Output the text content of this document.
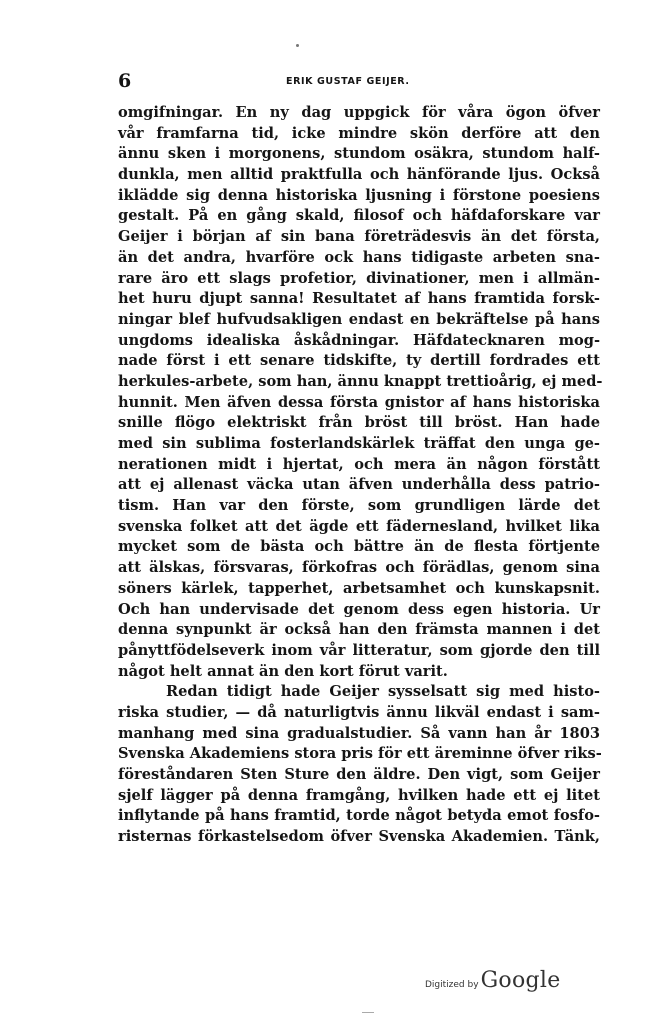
6	ERIK GUSTAF GEIJER.
omgifningar. En ny dag uppgick för våra ögon öfver
vår framfarna tid, icke mindre skön derföre att den
ännu sken i morgonens, stundom osäkra, stundom half-
dunkla, men alltid praktfulla och hänförande ljus. Också
iklädde sig denna historiska ljusning i förstone poesiens
gestalt. På en gång skald, filosof och häfdaforskare var
Geijer i början af sin bana företrädesvis än det första,
än det andra, hvarföre ock hans tidigaste arbeten sna-
rare äro ett slags profetior, divinationer, men i allmän-
het huru djupt sanna! Resultatet af hans framtida forsk-
ningar blef hufvudsakligen endast en bekräftelse på hans
ungdoms idealiska åskådningar. Häfdatecknaren mog-
nade först i ett senare tidskifte, ty dertill fordrades ett
herkules-arbete, som han, ännu knappt trettioårig, ej med-
hunnit. Men äfven dessa första gnistor af hans historiska
snille flögo elektriskt från bröst till bröst. Han hade
med sin sublima fosterlandskärlek träffat den unga ge-
nerationen midt i hjertat, och mera än någon förstått
att ej allenast väcka utan äfven underhålla dess patrio-
tism. Han var den förste, som grundligen lärde det
svenska folket att det ägde ett fädernesland, hvilket lika
mycket som de bästa och bättre än de flesta förtjente
att älskas, försvaras, förkofras och förädlas, genom sina
söners kärlek, tapperhet, arbetsamhet och kunskapsnit.
Och han undervisade det genom dess egen historia. Ur
denna synpunkt är också han den främsta mannen i det
pånyttfödelseverk inom vår litteratur, som gjorde den till
något helt annat än den kort förut varit.
Redan tidigt hade Geijer sysselsatt sig med histo-
riska studier, — då naturligtvis ännu likväl endast i sam-
manhang med sina gradualstudier. Så vann han år 1803
Svenska Akademiens stora pris för ett äreminne öfver riks-
föreståndaren Sten Sture den äldre. Den vigt, som Geijer
sjelf lägger på denna framgång, hvilken hade ett ej litet
inflytande på hans framtid, torde något betyda emot fosfo-
risternas förkastelsedom öfver Svenska Akademien. Tänk,
Digitized by Google
